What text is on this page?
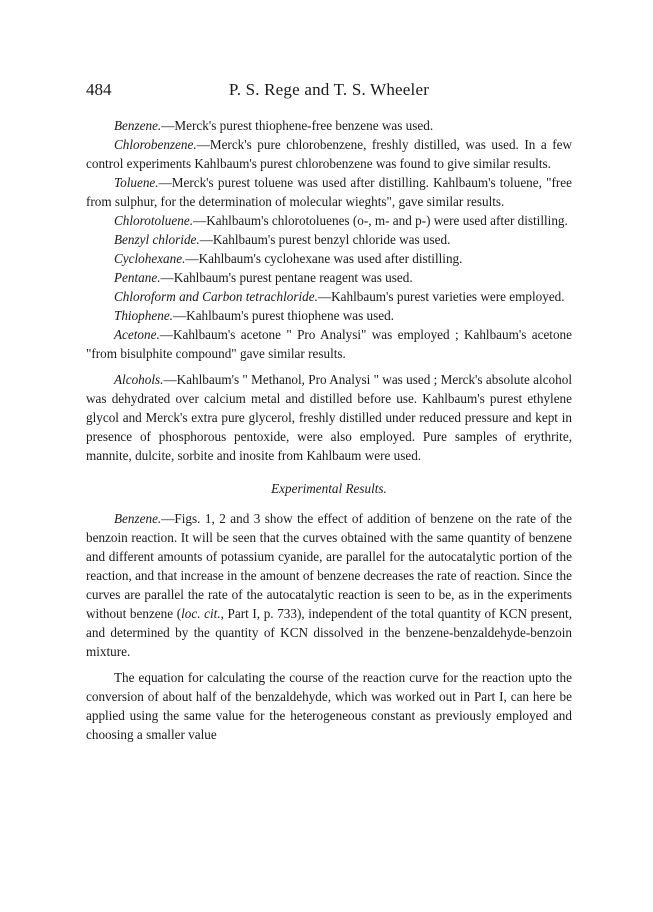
484	P. S. Rege and T. S. Wheeler

Benzene.—Merck's purest thiophene-free benzene was used.

Chlorobenzene.—Merck's pure chlorobenzene, freshly distilled, was used. In a few control experiments Kahlbaum's purest chlorobenzene was found to give similar results.

Toluene.—Merck's purest toluene was used after distilling. Kahlbaum's toluene, "free from sulphur, for the determination of molecular wieghts", gave similar results.

Chlorotoluene.—Kahlbaum's chlorotoluenes (o-, m- and p-) were used after distilling.

Benzyl chloride.—Kahlbaum's purest benzyl chloride was used.

Cyclohexane.—Kahlbaum's cyclohexane was used after distilling.

Pentane.—Kahlbaum's purest pentane reagent was used.

Chloroform and Carbon tetrachloride.—Kahlbaum's purest varieties were employed.

Thiophene.—Kahlbaum's purest thiophene was used.

Acetone.—Kahlbaum's acetone " Pro Analysi" was employed ; Kahlbaum's acetone "from bisulphite compound" gave similar results.

Alcohols.—Kahlbaum's " Methanol, Pro Analysi " was used ; Merck's absolute alcohol was dehydrated over calcium metal and distilled before use. Kahlbaum's purest ethylene glycol and Merck's extra pure glycerol, freshly distilled under reduced pressure and kept in presence of phosphorous pentoxide, were also employed. Pure samples of erythrite, mannite, dulcite, sorbite and inosite from Kahlbaum were used.

Experimental Results.

Benzene.—Figs. 1, 2 and 3 show the effect of addition of benzene on the rate of the benzoin reaction. It will be seen that the curves obtained with the same quantity of benzene and different amounts of potassium cyanide, are parallel for the autocatalytic portion of the reaction, and that increase in the amount of benzene decreases the rate of reaction. Since the curves are parallel the rate of the autocatalytic reaction is seen to be, as in the experiments without benzene (loc. cit., Part I, p. 733), independent of the total quantity of KCN present, and determined by the quantity of KCN dissolved in the benzene-benzaldehyde-benzoin mixture.

The equation for calculating the course of the reaction curve for the reaction upto the conversion of about half of the benzaldehyde, which was worked out in Part I, can here be applied using the same value for the heterogeneous constant as previously employed and choosing a smaller value
